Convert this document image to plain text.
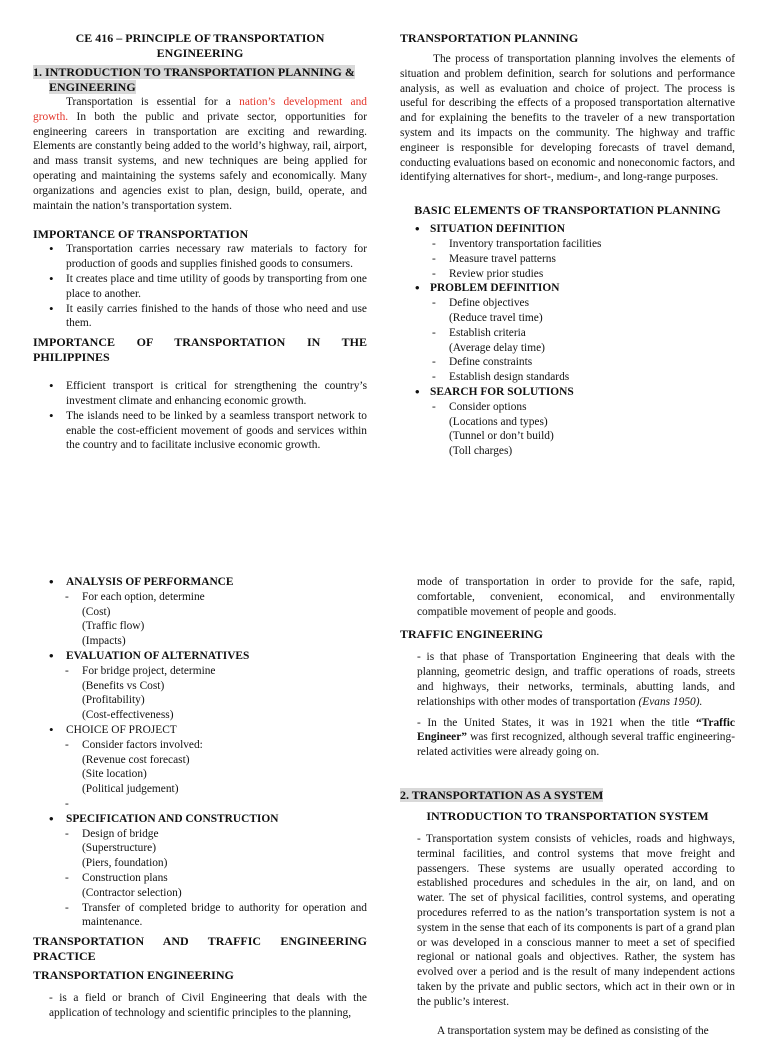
CE 416 – PRINCIPLE OF TRANSPORTATION ENGINEERING
1. INTRODUCTION TO TRANSPORTATION PLANNING & ENGINEERING

Transportation is essential for a nation’s development and growth. In both the public and private sector, opportunities for engineering careers in transportation are exciting and rewarding. Elements are constantly being added to the world’s highway, rail, airport, and mass transit systems, and new techniques are being applied for operating and maintaining the systems safely and economically. Many organizations and agencies exist to plan, design, build, operate, and maintain the nation’s transportation system.

IMPORTANCE OF TRANSPORTATION
• Transportation carries necessary raw materials to factory for production of goods and supplies finished goods to consumers.
• It creates place and time utility of goods by transporting from one place to another.
• It easily carries finished to the hands of those who need and use them.

IMPORTANCE OF TRANSPORTATION IN THE PHILIPPINES

• Efficient transport is critical for strengthening the country’s investment climate and enhancing economic growth.
• The islands need to be linked by a seamless transport network to enable the cost-efficient movement of goods and services within the country and to facilitate inclusive economic growth.
TRANSPORTATION PLANNING

The process of transportation planning involves the elements of situation and problem definition, search for solutions and performance analysis, as well as evaluation and choice of project. The process is useful for describing the effects of a proposed transportation alternative and for explaining the benefits to the traveler of a new transportation system and its impacts on the community. The highway and traffic engineer is responsible for developing forecasts of travel demand, conducting evaluations based on economic and noneconomic factors, and identifying alternatives for short-, medium-, and long-range purposes.

BASIC ELEMENTS OF TRANSPORTATION PLANNING
• SITUATION DEFINITION
- Inventory transportation facilities
- Measure travel patterns
- Review prior studies
• PROBLEM DEFINITION
- Define objectives
(Reduce travel time)
- Establish criteria
(Average delay time)
- Define constraints
- Establish design standards
• SEARCH FOR SOLUTIONS
- Consider options
(Locations and types)
(Tunnel or don’t build)
(Toll charges)
• ANALYSIS OF PERFORMANCE
- For each option, determine
(Cost)
(Traffic flow)
(Impacts)
• EVALUATION OF ALTERNATIVES
- For bridge project, determine
(Benefits vs Cost)
(Profitability)
(Cost-effectiveness)
• CHOICE OF PROJECT
- Consider factors involved:
(Revenue cost forecast)
(Site location)
(Political judgement)
-
• SPECIFICATION AND CONSTRUCTION
- Design of bridge
(Superstructure)
(Piers, foundation)
- Construction plans
(Contractor selection)
- Transfer of completed bridge to authority for operation and maintenance.

TRANSPORTATION AND TRAFFIC ENGINEERING PRACTICE

TRANSPORTATION ENGINEERING

- is a field or branch of Civil Engineering that deals with the application of technology and scientific principles to the planning,

mode of transportation in order to provide for the safe, rapid, comfortable, convenient, economical, and environmentally compatible movement of people and goods.

TRAFFIC ENGINEERING

- is that phase of Transportation Engineering that deals with the planning, geometric design, and traffic operations of roads, streets and highways, their networks, terminals, abutting lands, and relationships with other modes of transportation (Evans 1950).

- In the United States, it was in 1921 when the title “Traffic Engineer” was first recognized, although several traffic engineering-related activities were already going on.

2. TRANSPORTATION AS A SYSTEM
INTRODUCTION TO TRANSPORTATION SYSTEM

- Transportation system consists of vehicles, roads and highways, terminal facilities, and control systems that move freight and passengers. These systems are usually operated according to established procedures and schedules in the air, on land, and on water. The set of physical facilities, control systems, and operating procedures referred to as the nation’s transportation system is not a system in the sense that each of its components is part of a grand plan or was developed in a conscious manner to meet a set of specified regional or national goals and objectives. Rather, the system has evolved over a period and is the result of many independent actions taken by the private and public sectors, which act in their own or in the public’s interest.

A transportation system may be defined as consisting of the
